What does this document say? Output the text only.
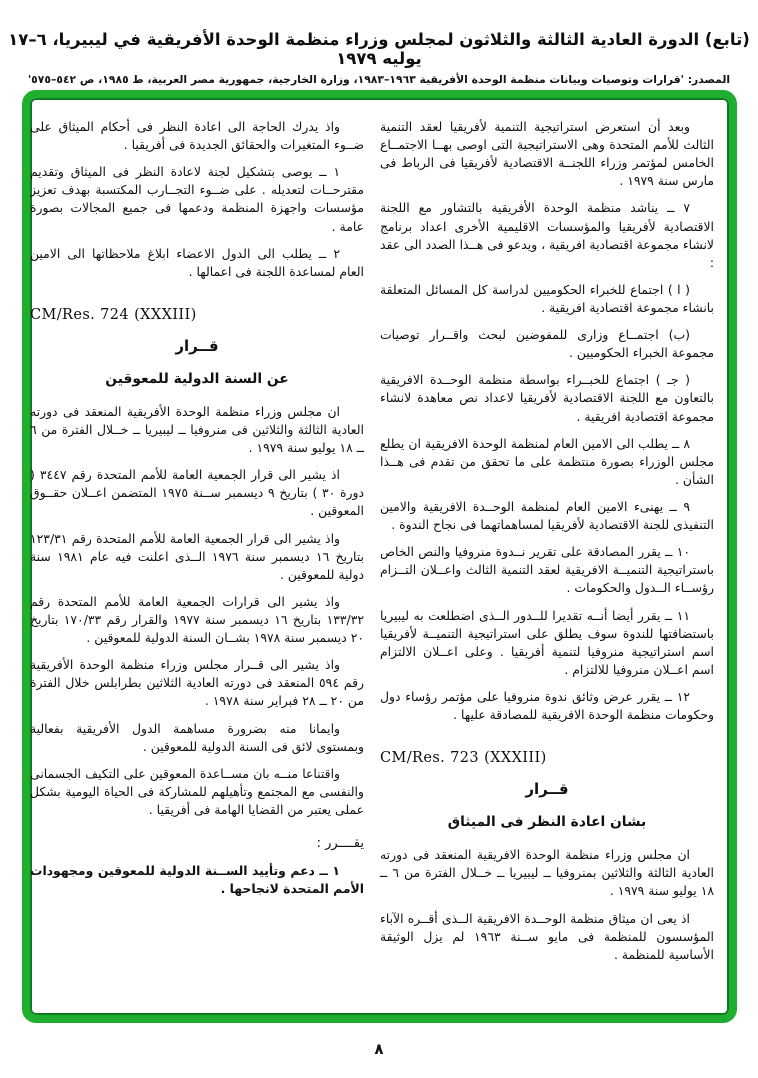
(تابع) الدورة العادية الثالثة والثلاثون لمجلس وزراء منظمة الوحدة الأفريقية في ليبيريا، ٦–١٧ يوليه ١٩٧٩
المصدر: 'قرارات وتوصيات وبيانات منظمة الوحدة الأفريقية ١٩٦٣–١٩٨٣، وزارة الخارجية، جمهورية مصر العربية، ط ١٩٨٥، ص ٥٤٢–٥٧٥'

وبعد أن استعرض استراتيجية التنمية لأفريقيا لعقد التنمية الثالث للأمم المتحدة وهى الاستراتيجية التى اوصى بهــا الاجتمــاع الخامس لمؤتمر وزراء اللجنــة الاقتصادية لأفريقيا فى الرباط فى مارس سنة ١٩٧٩ .

٧ ــ يناشد منظمة الوحدة الأفريقية بالتشاور مع اللجنة الاقتصادية لأفريقيا والمؤسسات الاقليمية الأخرى اعداد برنامج لانشاء مجموعة اقتصادية افريقية ، ويدعو فى هــذا الصدد الى عقد :

( ا ) اجتماع للخبراء الحكوميين لدراسة كل المسائل المتعلقة بانشاء مجموعة اقتصادية افريقية .

(ب) اجتمــاع وزارى للمفوضين لبحث واقــرار توصيات مجموعة الخبراء الحكوميين .

( جـ ) اجتماع للخبــراء بواسطة منظمة الوحــدة الافريقية بالتعاون مع اللجنة الاقتصادية لأفريقيا لاعداد نص معاهدة لانشاء مجموعة اقتصادية افريقية .

٨ ــ يطلب الى الامين العام لمنظمة الوحدة الافريقية ان يطلع مجلس الوزراء بصورة منتظمة على ما تحقق من تقدم فى هــذا الشأن .

٩ ــ يهنىء الامين العام لمنظمة الوحــدة الافريقية والامين التنفيذى للجنة الاقتصادية لأفريقيا لمساهماتهما فى نجاح الندوة .

١٠ ــ يقرر المصادقة على تقرير نــدوة منروفيا والنص الخاص باستراتيجية التنميــة الافريقية لعقد التنمية الثالث واعــلان التــزام رؤســاء الــدول والحكومات .

١١ ــ يقرر أيضا أنــه تقديرا للــدور الــذى اضطلعت به ليبيريا باستضافتها للندوة سوف يطلق على استراتيجية التنميــة لأفريقيا اسم استراتيجية منروفيا لتنمية أفريقيا . وعلى اعــلان الالتزام اسم اعــلان منروفيا للالتزام .

١٢ ــ يقرر عرض وثائق ندوة منروفيا على مؤتمر رؤساء دول وحكومات منظمة الوحدة الافريقية للمصادقة عليها .

CM/Res. 723 (XXXIII)
قــرار
بشان اعادة النظر فى الميثاق

ان مجلس وزراء منظمة الوحدة الافريقية المنعقد فى دورته العادية الثالثة والثلاثين بمنروفيا ــ ليبيريا ــ خــلال الفترة من ٦ ــ ١٨ يوليو سنة ١٩٧٩ .

اذ يعى ان ميثاق منظمة الوحــدة الافريقية الــذى أقــره الآباء المؤسسون للمنظمة فى مايو ســنة ١٩٦٣ لم يزل الوثيقة الأساسية للمنظمة .

واذ يدرك الحاجة الى اعادة النظر فى أحكام الميثاق على ضــوء المتغيرات والحقائق الجديدة فى أفريقيا .

١ ــ يوصى بتشكيل لجنة لاعادة النظر فى الميثاق وتقديم مقترحــات لتعديله . على ضــوء التجــارب المكتسبة بهدف تعزيز مؤسسات واجهزة المنظمة ودعمها فى جميع المجالات بصورة عامة .

٢ ــ يطلب الى الدول الاعضاء ابلاغ ملاحظاتها الى الامين العام لمساعدة اللجنة فى اعمالها .

CM/Res. 724 (XXXIII)
قــرار
عن السنة الدولية للمعوقين

ان مجلس وزراء منظمة الوحدة الأفريقية المنعقد فى دورته العادية الثالثة والثلاثين فى منروفيا ــ ليبيريا ــ خــلال الفترة من ٦ ــ ١٨ يوليو سنة ١٩٧٩ .

اذ يشير الى قرار الجمعية العامة للأمم المتحدة رقم ٣٤٤٧ ( دورة ٣٠ ) بتاريخ ٩ ديسمبر ســنة ١٩٧٥ المتضمن اعــلان حقــوق المعوقين .

واذ يشير الى قرار الجمعية العامة للأمم المتحدة رقم ١٢٣/٣١ بتاريخ ١٦ ديسمبر سنة ١٩٧٦ الــذى اعلنت فيه عام ١٩٨١ سنة دولية للمعوقين .

واذ يشير الى قرارات الجمعية العامة للأمم المتحدة رقم ١٣٣/٣٢ بتاريخ ١٦ ديسمبر سنة ١٩٧٧ والقرار رقم ١٧٠/٣٣ بتاريخ ٢٠ ديسمبر سنة ١٩٧٨ بشــان السنة الدولية للمعوقين .

واذ يشير الى قــرار مجلس وزراء منظمة الوحدة الأفريقية رقم ٥٩٤ المنعقد فى دورته العادية الثلاثين بطرابلس خلال الفترة من ٢٠ ــ ٢٨ فبراير سنة ١٩٧٨ .

وايمانا منه بضرورة مساهمة الدول الأفريقية بفعالية وبمستوى لائق فى السنة الدولية للمعوقين .

واقتناعا منــه بان مســاعدة المعوقين على التكيف الجسمانى والنفسى مع المجتمع وتأهيلهم للمشاركة فى الحياة اليومية بشكل عملى يعتبر من القضايا الهامة فى أفريقيا .

يقــــرر :

١ ــ دعم وتأييد الســنة الدولية للمعوقين ومجهودات الأمم المتحدة لانجاحها .

٨
